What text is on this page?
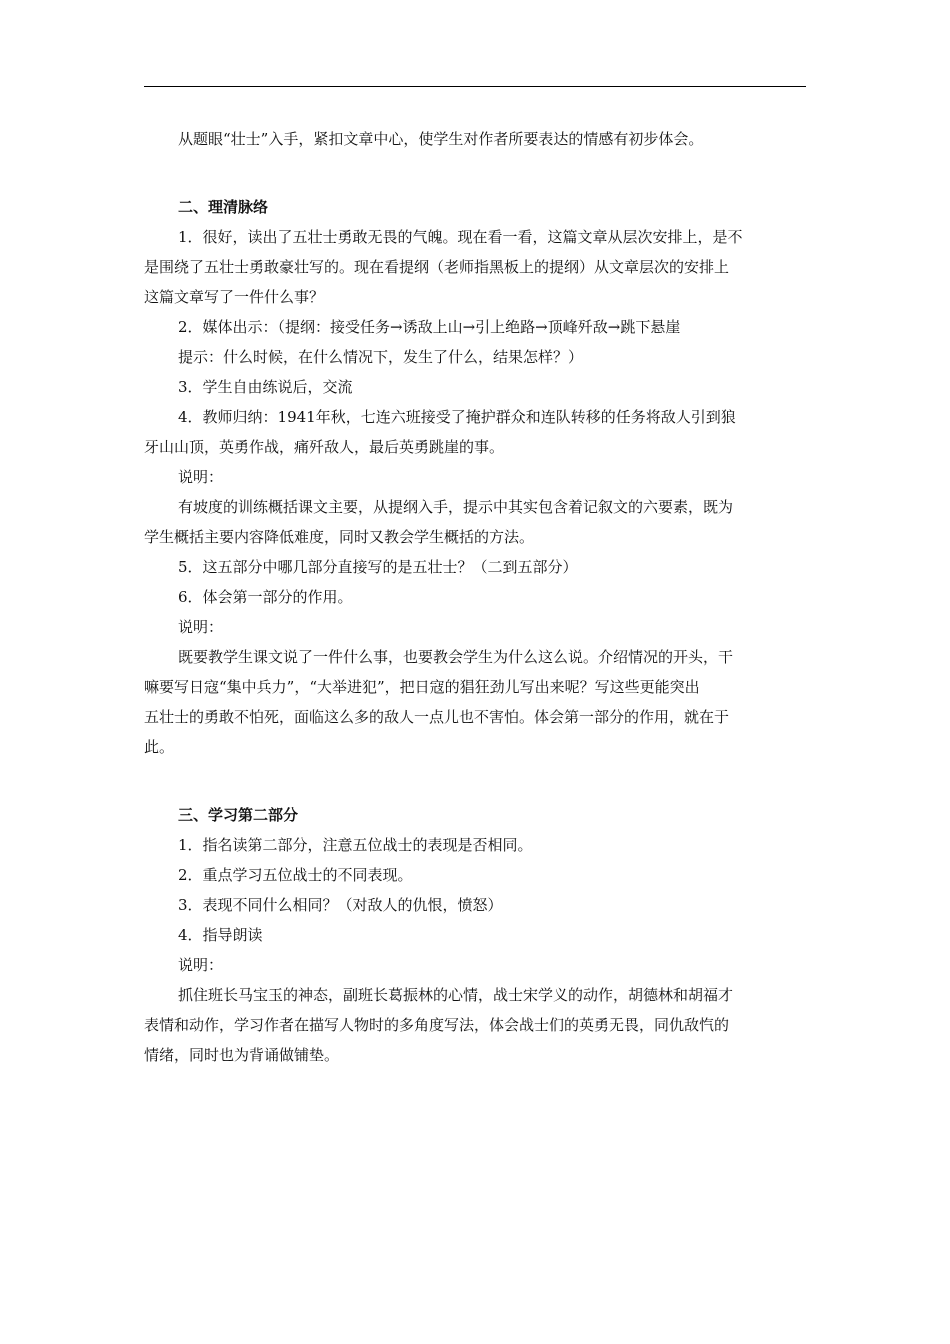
从题眼“壮士”入手，紧扣文章中心，使学生对作者所要表达的情感有初步体会。
二、理清脉络
1．很好，读出了五壮士勇敢无畏的气魄。现在看一看，这篇文章从层次安排上，是不
是围绕了五壮士勇敢豪壮写的。现在看提纲（老师指黑板上的提纲）从文章层次的安排上
这篇文章写了一件什么事？
2．媒体出示：（提纲：接受任务→诱敌上山→引上绝路→顶峰歼敌→跳下悬崖
提示：什么时候，在什么情况下，发生了什么，结果怎样？）
3．学生自由练说后，交流
4．教师归纳：1941年秋，七连六班接受了掩护群众和连队转移的任务将敌人引到狼
牙山山顶，英勇作战，痛歼敌人，最后英勇跳崖的事。
说明：
有坡度的训练概括课文主要，从提纲入手，提示中其实包含着记叙文的六要素，既为
学生概括主要内容降低难度，同时又教会学生概括的方法。
5．这五部分中哪几部分直接写的是五壮士？（二到五部分）
6．体会第一部分的作用。
说明：
既要教学生课文说了一件什么事，也要教会学生为什么这么说。介绍情况的开头，干
嘛要写日寇“集中兵力”，“大举进犯”，把日寇的猖狂劲儿写出来呢？写这些更能突出
五壮士的勇敢不怕死，面临这么多的敌人一点儿也不害怕。体会第一部分的作用，就在于
此。
三、学习第二部分
1．指名读第二部分，注意五位战士的表现是否相同。
2．重点学习五位战士的不同表现。
3．表现不同什么相同？（对敌人的仇恨，愤怒）
4．指导朗读
说明：
抓住班长马宝玉的神态，副班长葛振林的心情，战士宋学义的动作，胡德林和胡福才
表情和动作，学习作者在描写人物时的多角度写法，体会战士们的英勇无畏，同仇敌忾的
情绪，同时也为背诵做铺垫。
